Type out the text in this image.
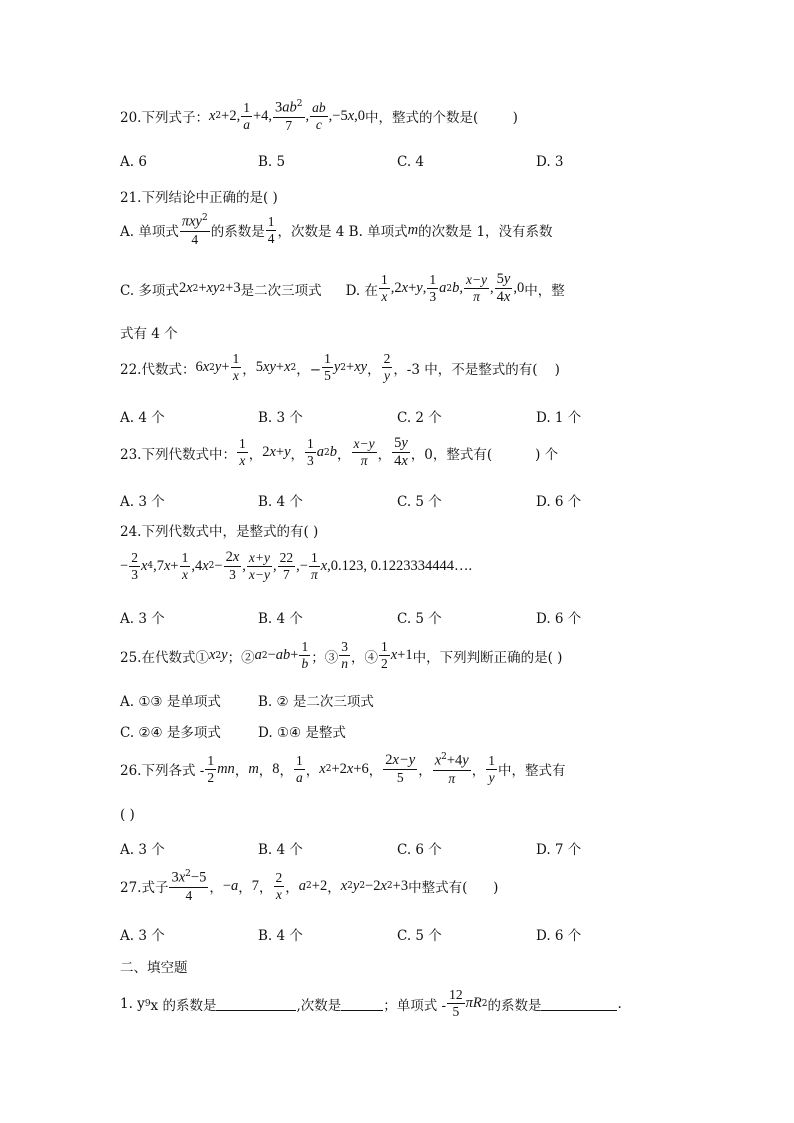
20.下列式子： x 2 +2, $\frac{1}{a} +4$, $\frac{3ab^2}{7}$ , $\frac{ab}{c} ,-5$ x ,0 中，整式的个数是(        )
A. 6	B. 5	C. 4	D. 3
21.下列结论中正确的是( )
A. 单项式 $\frac{\pi xy^2}{4}$ 的系数是 $\frac{1}{4}$ ，次数是 4
B. 单项式 m 的次数是 1，没有系数
C. 多项式 2 x 2 + xy 2 +3 是二次三项式
D. 在 $\frac{1}{x} ,2$ x + y , $\frac{1}{3}$ a 2 b , $\frac{x-y}{\pi}$ , $\frac{5y}{4x} ,0$ 中，整
式有 4 个
22.代数式： 6 x 2 $y + \frac{1}{x}$ ， 5 xy + x 2 ，− $\frac{1}{5}$ y 2 + xy ， $\frac{2}{y}$ ，-3 中，不是整式的有(    )
A. 4 个	B. 3 个	C. 2 个	D. 1 个
23.下列代数式中： $\frac{1}{x}$ ， 2 x + y ， $\frac{1}{3}$ a 2 b ， $\frac{x-y}{\pi}$ ， $\frac{5y}{4x}$ ，0，整式有(          ) 个
A. 3 个	B. 4 个	C. 5 个	D. 6 个
24.下列代数式中，是整式的有( )
− $\frac{2}{3}$ x 4 ,7 $x + \frac{1}{x} ,4$ x $2 - \frac{2x}{3}$ , $\frac{x+y}{x-y}$ , $\frac{22}{7}$ ,− $\frac{1}{\pi}$ x , 0.123, 0.1223334444….
A. 3 个	B. 4 个	C. 5 个	D. 6 个
25.在代数式① x 2 y ；② a 2 − ab + $\frac{1}{b}$ ；③ $\frac{3}{n}$ ，④ $\frac{1}{2}$ x +1 中，下列判断正确的是( )
A. ①③ 是单项式	B. ② 是二次三项式
C. ②④ 是多项式	D. ①④ 是整式
26.下列各式 - $\frac{1}{2}$ mn ， m ， 8 ， $\frac{1}{a}$ ， x 2 +2 x +6 ， $\frac{2x-y}{5}$ ， $\frac{x^2+4y}{\pi}$ ， $\frac{1}{y}$ 中，整式有
( )
A. 3 个	B. 4 个	C. 6 个	D. 7 个
27.式子 $\frac{3x^2-5}{4}$ ， − a ， 7 ， $\frac{2}{x}$ ， a 2 +2 ， x 2 y 2 −2 x 2 +3 中整式有(      )
A. 3 个	B. 4 个	C. 5 个	D. 6 个
二、填空题
1. y 9 x 的系数是	,次数是	；单项式 - $\frac{12}{5}$ πR 2 的系数是	.
